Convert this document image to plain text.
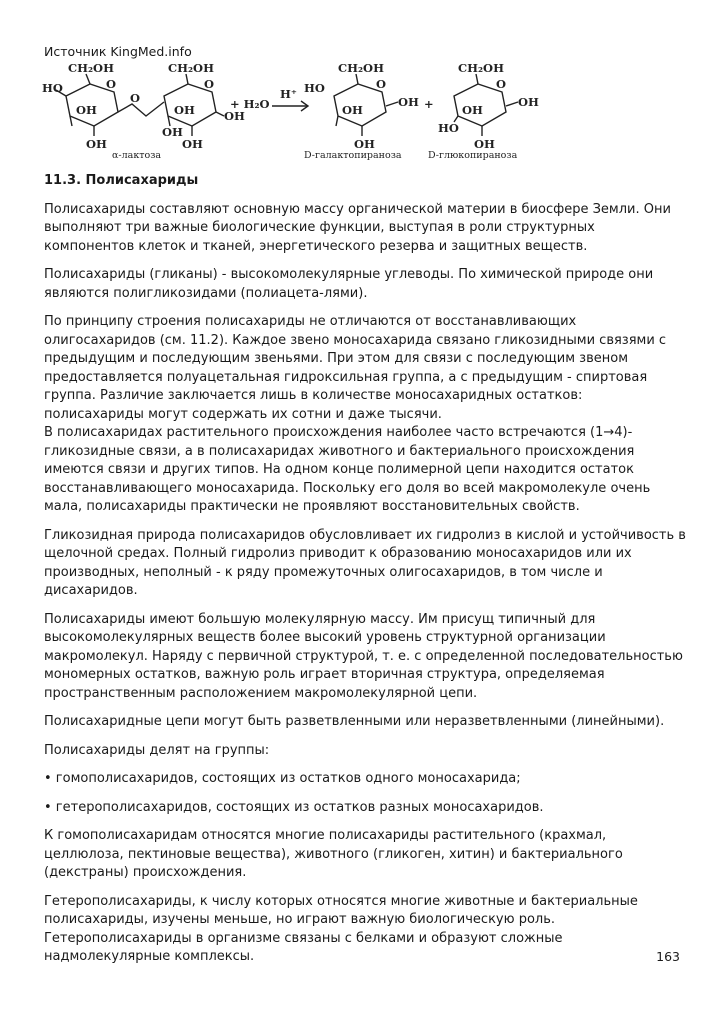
Источник KingMed.info
CH₂OH	CH₂OH
HO	O	O
OH
OH
OH
OH
OH
OH
O
α-лактоза
+ H₂O
H⁺
CH₂OH
HO	O
OH
OH
OH
+
CH₂OH
O
OH
HO
OH
OH
D-галактопираноза	D-глюкопираноза
11.3. Полисахариды

Полисахариды составляют основную массу органической материи в биосфере Земли. Они выполняют три важные биологические функции, выступая в роли структурных компонентов клеток и тканей, энергетического резерва и защитных веществ.

Полисахариды (гликаны) - высокомолекулярные углеводы. По химической природе они являются полигликозидами (полиацета-лями).

По принципу строения полисахариды не отличаются от восстанавливающих олигосахаридов (см. 11.2). Каждое звено моносахарида связано гликозидными связями с предыдущим и последующим звеньями. При этом для связи с последующим звеном предоставляется полуацетальная гидроксильная группа, а с предыдущим - спиртовая группа. Различие заключается лишь в количестве моносахаридных остатков: полисахариды могут содержать их сотни и даже тысячи.

В полисахаридах растительного происхождения наиболее часто встречаются (1→4)-гликозидные связи, а в полисахаридах животного и бактериального происхождения имеются связи и других типов. На одном конце полимерной цепи находится остаток восстанавливающего моносахарида. Поскольку его доля во всей макромолекуле очень мала, полисахариды практически не проявляют восстановительных свойств.

Гликозидная природа полисахаридов обусловливает их гидролиз в кислой и устойчивость в щелочной средах. Полный гидролиз приводит к образованию моносахаридов или их производных, неполный - к ряду промежуточных олигосахаридов, в том числе и дисахаридов.

Полисахариды имеют большую молекулярную массу. Им присущ типичный для высокомолекулярных веществ более высокий уровень структурной организации макромолекул. Наряду с первичной структурой, т. е. с определенной последовательностью мономерных остатков, важную роль играет вторичная структура, определяемая пространственным расположением макромолекулярной цепи.

Полисахаридные цепи могут быть разветвленными или неразветвленными (линейными).

Полисахариды делят на группы:

• гомополисахаридов, состоящих из остатков одного моносахарида;

• гетерополисахаридов, состоящих из остатков разных моносахаридов.

К гомополисахаридам относятся многие полисахариды растительного (крахмал, целлюлоза, пектиновые вещества), животного (гликоген, хитин) и бактериального (декстраны) происхождения.

Гетерополисахариды, к числу которых относятся многие животные и бактериальные полисахариды, изучены меньше, но играют важную биологическую роль. Гетерополисахариды в организме связаны с белками и образуют сложные надмолекулярные комплексы.	163
